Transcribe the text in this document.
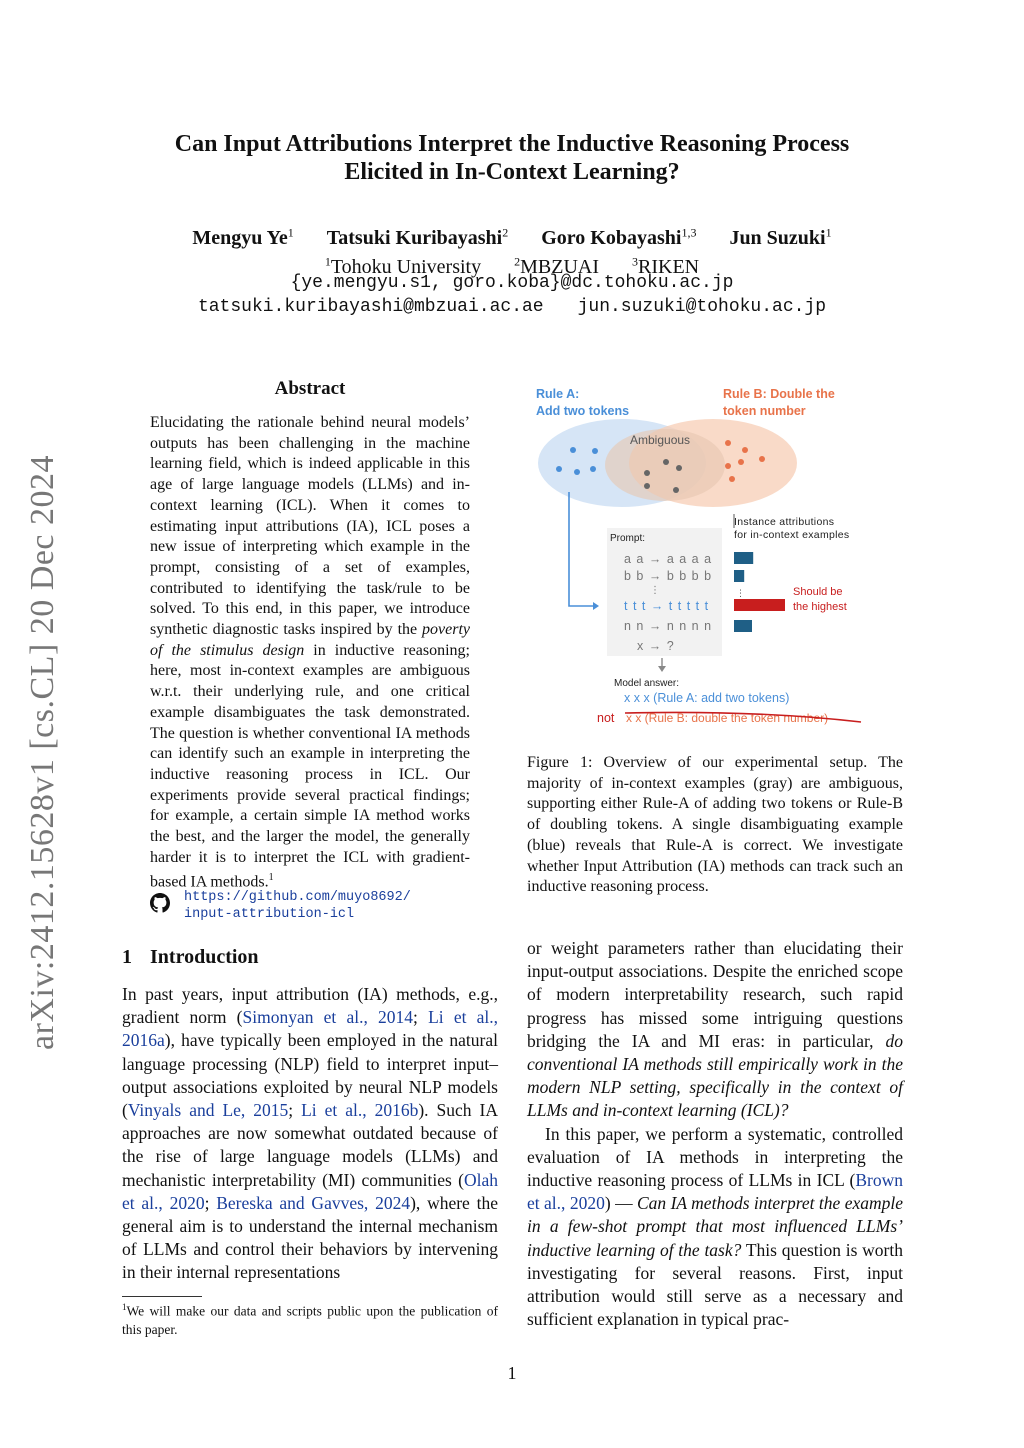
arXiv:2412.15628v1 [cs.CL] 20 Dec 2024
Can Input Attributions Interpret the Inductive Reasoning Process
Elicited in In-Context Learning?
Mengyu Ye$^1$ Tatsuki Kuribayashi$^2$ Goro Kobayashi$^{1,3}$ Jun Suzuki$^1$
$^1$Tohoku University	$^2$MBZUAI	$^3$RIKEN
{ye.mengyu.s1, goro.koba}@dc.tohoku.ac.jp
tatsuki.kuribayashi@mbzuai.ac.ae jun.suzuki@tohoku.ac.jp
Abstract
Elucidating the rationale behind neural models’ outputs has been challenging in the machine learning field, which is indeed applicable in this age of large language models (LLMs) and in-context learning (ICL). When it comes to estimating input attributions (IA), ICL poses a new issue of interpreting which example in the prompt, consisting of a set of examples, contributed to identifying the task/rule to be solved. To this end, in this paper, we introduce synthetic diagnostic tasks inspired by the poverty of the stimulus design in inductive reasoning; here, most in-context examples are ambiguous w.r.t. their underlying rule, and one critical example disambiguates the task demonstrated. The question is whether conventional IA methods can identify such an example in interpreting the inductive reasoning process in ICL. Our experiments provide several practical findings; for example, a certain simple IA method works the best, and the larger the model, the generally harder it is to interpret the ICL with gradient-based IA methods.$^1$
https://github.com/muyo8692/
input-attribution-icl
1 Introduction
In past years, input attribution (IA) methods, e.g., gradient norm (Simonyan et al., 2014; Li et al., 2016a), have typically been employed in the natural language processing (NLP) field to interpret input–output associations exploited by neural NLP models (Vinyals and Le, 2015; Li et al., 2016b). Such IA approaches are now somewhat outdated because of the rise of large language models (LLMs) and mechanistic interpretability (MI) communities (Olah et al., 2020; Bereska and Gavves, 2024), where the general aim is to understand the internal mechanism of LLMs and control their behaviors by intervening in their internal representations
$^1$We will make our data and scripts public upon the publication of this paper.
Rule A:
Add two tokens
Rule B: Double the
token number
Ambiguous
Prompt:
a a → a a a a
b b → b b b b
⋮
t t t → t t t t t
n n → n n n n
x → ?
Instance attributions
for in-context examples
⋮	Should be
the highest
Model answer:
x x x (Rule A: add two tokens)
not x x (Rule B: double the token number)
Figure 1: Overview of our experimental setup. The majority of in-context examples (gray) are ambiguous, supporting either Rule-A of adding two tokens or Rule-B of doubling tokens. A single disambiguating example (blue) reveals that Rule-A is correct. We investigate whether Input Attribution (IA) methods can track such an inductive reasoning process.
or weight parameters rather than elucidating their input-output associations. Despite the enriched scope of modern interpretability research, such rapid progress has missed some intriguing questions bridging the IA and MI eras: in particular, do conventional IA methods still empirically work in the modern NLP setting, specifically in the context of LLMs and in-context learning (ICL)?
In this paper, we perform a systematic, controlled evaluation of IA methods in interpreting the inductive reasoning process of LLMs in ICL (Brown et al., 2020) — Can IA methods interpret the example in a few-shot prompt that most influenced LLMs’ inductive learning of the task? This question is worth investigating for several reasons. First, input attribution would still serve as a necessary and sufficient explanation in typical prac-
1
